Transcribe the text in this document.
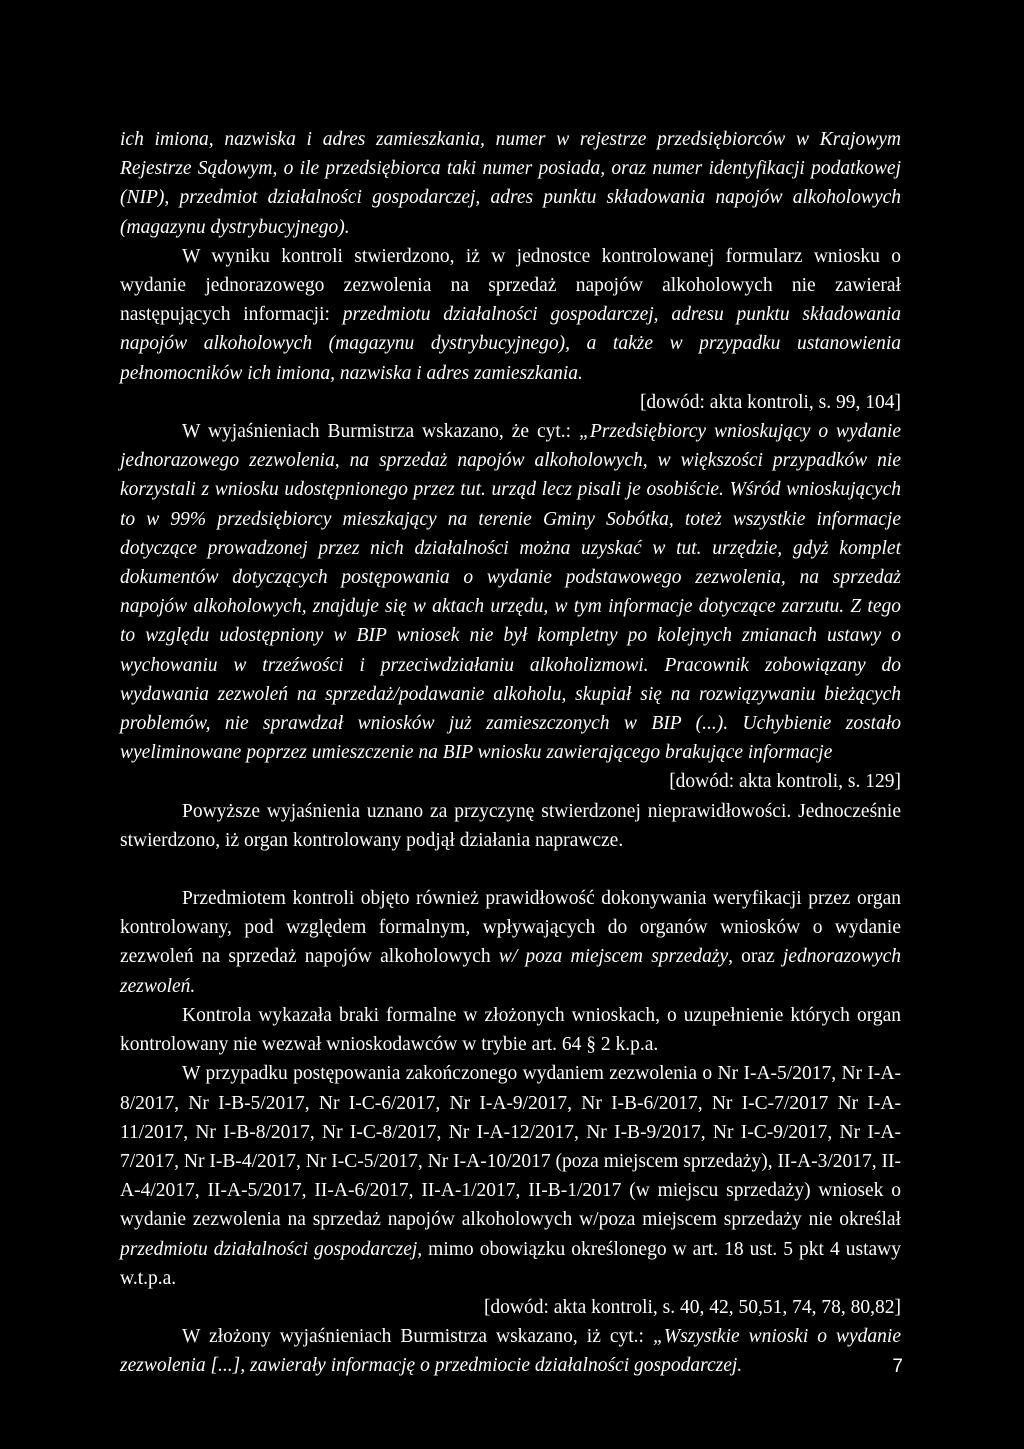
ich imiona, nazwiska i adres zamieszkania, numer w rejestrze przedsiębiorców w Krajowym Rejestrze Sądowym, o ile przedsiębiorca taki numer posiada, oraz numer identyfikacji podatkowej (NIP), przedmiot działalności gospodarczej, adres punktu składowania napojów alkoholowych (magazynu dystrybucyjnego).

W wyniku kontroli stwierdzono, iż w jednostce kontrolowanej formularz wniosku o wydanie jednorazowego zezwolenia na sprzedaż napojów alkoholowych nie zawierał następujących informacji: przedmiotu działalności gospodarczej, adresu punktu składowania napojów alkoholowych (magazynu dystrybucyjnego), a także w przypadku ustanowienia pełnomocników ich imiona, nazwiska i adres zamieszkania.

[dowód: akta kontroli, s. 99, 104]

W wyjaśnieniach Burmistrza wskazano, że cyt.: „Przedsiębiorcy wnioskujący o wydanie jednorazowego zezwolenia, na sprzedaż napojów alkoholowych, w większości przypadków nie korzystali z wniosku udostępnionego przez tut. urząd lecz pisali je osobiście. Wśród wnioskujących to w 99% przedsiębiorcy mieszkający na terenie Gminy Sobótka, toteż wszystkie informacje dotyczące prowadzonej przez nich działalności można uzyskać w tut. urzędzie, gdyż komplet dokumentów dotyczących postępowania o wydanie podstawowego zezwolenia, na sprzedaż napojów alkoholowych, znajduje się w aktach urzędu, w tym informacje dotyczące zarzutu. Z tego to względu udostępniony w BIP wniosek nie był kompletny po kolejnych zmianach ustawy o wychowaniu w trzeźwości i przeciwdziałaniu alkoholizmowi. Pracownik zobowiązany do wydawania zezwoleń na sprzedaż/podawanie alkoholu, skupiał się na rozwiązywaniu bieżących problemów, nie sprawdzał wniosków już zamieszczonych w BIP (...). Uchybienie zostało wyeliminowane poprzez umieszczenie na BIP wniosku zawierającego brakujące informacje

[dowód: akta kontroli, s. 129]

Powyższe wyjaśnienia uznano za przyczynę stwierdzonej nieprawidłowości. Jednocześnie stwierdzono, iż organ kontrolowany podjął działania naprawcze.

Przedmiotem kontroli objęto również prawidłowość dokonywania weryfikacji przez organ kontrolowany, pod względem formalnym, wpływających do organów wniosków o wydanie zezwoleń na sprzedaż napojów alkoholowych w/ poza miejscem sprzedaży, oraz jednorazowych zezwoleń.

Kontrola wykazała braki formalne w złożonych wnioskach, o uzupełnienie których organ kontrolowany nie wezwał wnioskodawców w trybie art. 64 § 2 k.p.a.

W przypadku postępowania zakończonego wydaniem zezwolenia o Nr I-A-5/2017, Nr I-A-8/2017, Nr I-B-5/2017, Nr I-C-6/2017, Nr I-A-9/2017, Nr I-B-6/2017, Nr I-C-7/2017 Nr I-A-11/2017, Nr I-B-8/2017, Nr I-C-8/2017, Nr I-A-12/2017, Nr I-B-9/2017, Nr I-C-9/2017, Nr I-A-7/2017, Nr I-B-4/2017, Nr I-C-5/2017, Nr I-A-10/2017 (poza miejscem sprzedaży), II-A-3/2017, II-A-4/2017, II-A-5/2017, II-A-6/2017, II-A-1/2017, II-B-1/2017 (w miejscu sprzedaży) wniosek o wydanie zezwolenia na sprzedaż napojów alkoholowych w/poza miejscem sprzedaży nie określał przedmiotu działalności gospodarczej, mimo obowiązku określonego w art. 18 ust. 5 pkt 4 ustawy w.t.p.a.

[dowód: akta kontroli, s. 40, 42, 50,51, 74, 78, 80,82]

W złożony wyjaśnieniach Burmistrza wskazano, iż cyt.: „Wszystkie wnioski o wydanie zezwolenia [...], zawierały informację o przedmiocie działalności gospodarczej.	7
